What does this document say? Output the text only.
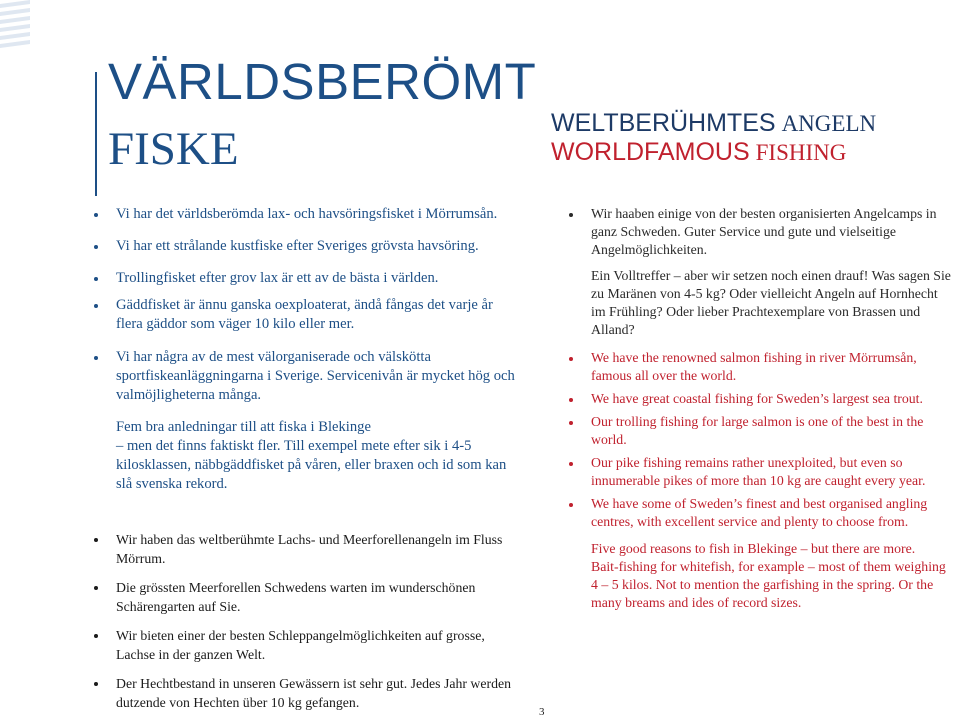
VÄRLDSBERÖMT
FISKE	WELTBERÜHMTES ANGELN
WORLDFAMOUS FISHING
Vi har det världsberömda lax- och havsöringsfisket i Mörrumsån.
Vi har ett strålande kustfiske efter Sveriges grövsta havsöring.
Trollingfisket efter grov lax är ett av de bästa i världen.
Gäddfisket är ännu ganska oexploaterat, ändå fångas det varje år flera gäddor som väger 10 kilo eller mer.
Vi har några av de mest välorganiserade och välskötta sportfiskeanläggningarna i Sverige. Servicenivån är mycket hög och valmöjligheterna många.

Fem bra anledningar till att fiska i Blekinge
– men det finns faktiskt fler. Till exempel mete efter sik i 4-5 kilosklassen, näbbgäddfisket på våren, eller braxen och id som kan slå svenska rekord.

Wir haben das weltberühmte Lachs- und Meerforellenangeln im Fluss Mörrum.
Die grössten Meerforellen Schwedens warten im wunderschönen Schärengarten auf Sie.
Wir bieten einer der besten Schleppangelmöglichkeiten auf grosse, Lachse in der ganzen Welt.
Der Hechtbestand in unseren Gewässern ist sehr gut. Jedes Jahr werden dutzende von Hechten über 10 kg gefangen.
Wir haaben einige von der besten organisierten Angelcamps in ganz Schweden. Guter Service und gute und vielseitige Angelmöglichkeiten.

Ein Volltreffer – aber wir setzen noch einen drauf! Was sagen Sie zu Maränen von 4-5 kg? Oder vielleicht Angeln auf Hornhecht im Frühling? Oder lieber Prachtexemplare von Brassen und Alland?

We have the renowned salmon fishing in river Mörrumsån, famous all over the world.
We have great coastal fishing for Sweden’s largest sea trout.
Our trolling fishing for large salmon is one of the best in the world.
Our pike fishing remains rather unexploited, but even so innumerable pikes of more than 10 kg are caught every year.
We have some of Sweden’s finest and best organised angling centres, with excellent service and plenty to choose from.

Five good reasons to fish in Blekinge – but there are more.
Bait-fishing for whitefish, for example – most of them weighing 4 – 5 kilos. Not to mention the garfishing in the spring. Or the many breams and ides of record sizes.

3
